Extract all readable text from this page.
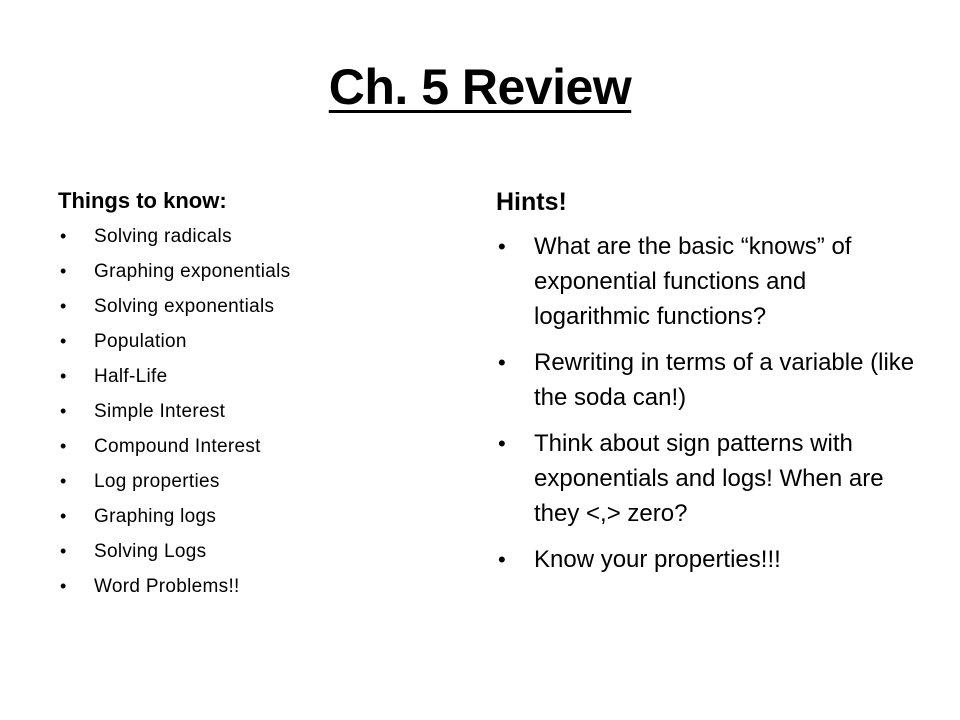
Ch. 5 Review
Things to know:
• Solving radicals
• Graphing exponentials
• Solving exponentials
• Population
• Half-Life
• Simple Interest
• Compound Interest
• Log properties
• Graphing logs
• Solving Logs
• Word Problems!!
Hints!
• What are the basic “knows” of exponential functions and logarithmic functions?
• Rewriting in terms of a variable (like the soda can!)
• Think about sign patterns with exponentials and logs! When are they <,> zero?
• Know your properties!!!
